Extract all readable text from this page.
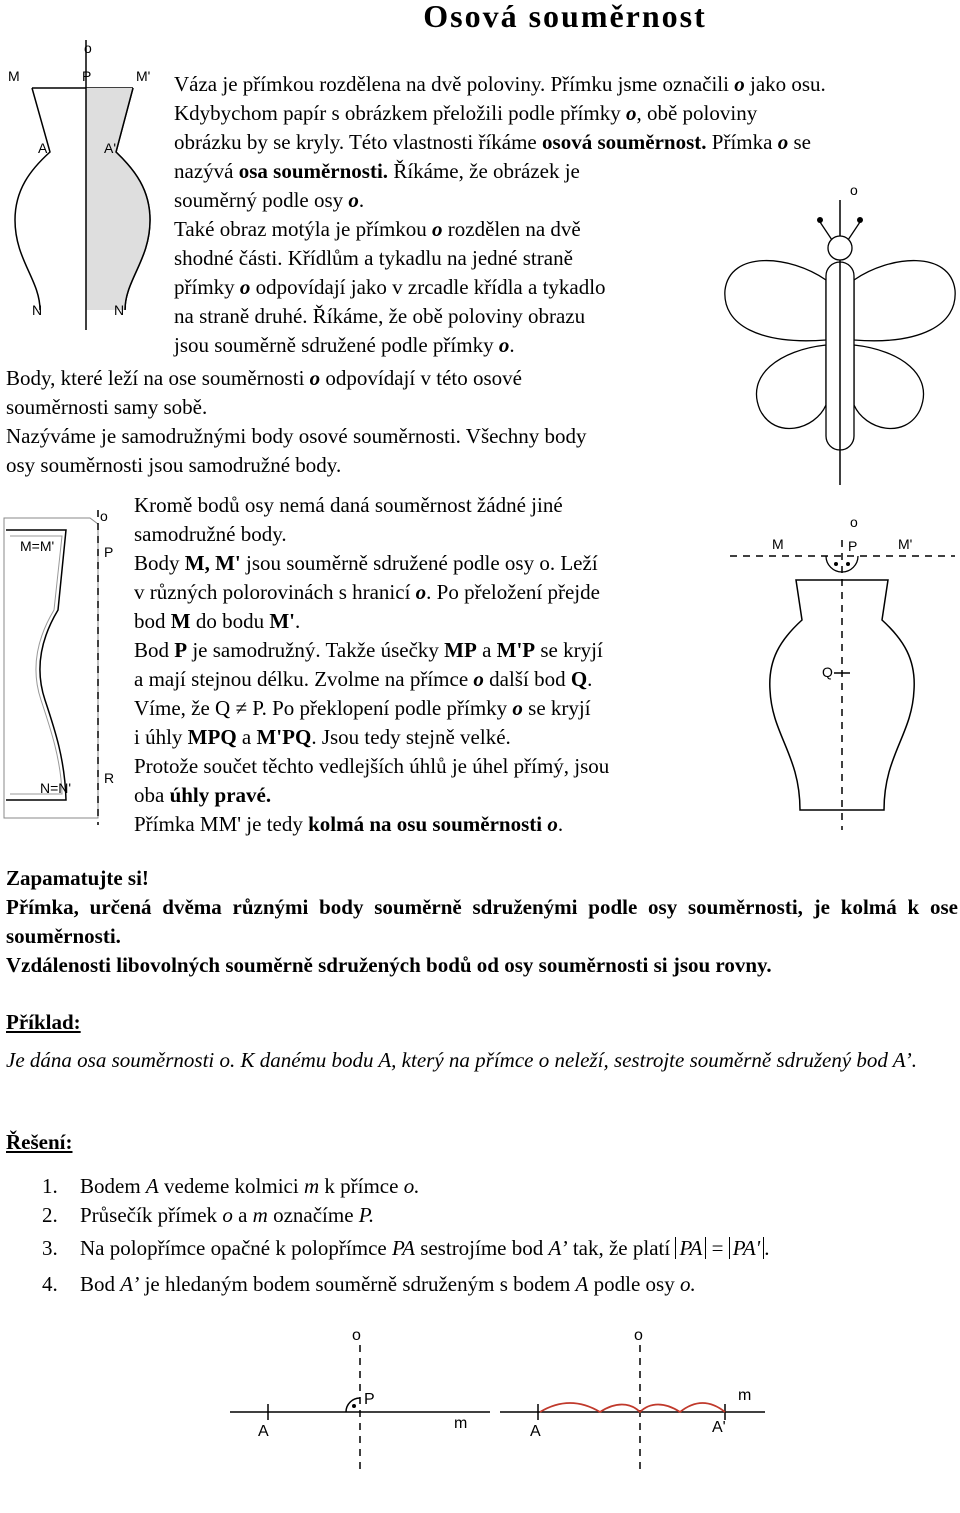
Osová souměrnost
o
M	P	M'
A	A'
N	N'
o
Váza je přímkou rozdělena na dvě poloviny. Přímku jsme označili o jako osu.
Kdybychom papír s obrázkem přeložili podle přímky o, obě poloviny
obrázku by se kryly. Této vlastnosti říkáme osová souměrnost. Přímka o se
nazývá osa souměrnosti. Říkáme, že obrázek je
souměrný podle osy o.
Také obraz motýla je přímkou o rozdělen na dvě
shodné části. Křídlům a tykadlu na jedné straně
přímky o odpovídají jako v zrcadle křídla a tykadlo
na straně druhé. Říkáme, že obě poloviny obrazu
jsou souměrně sdružené podle přímky o.
Body, které leží na ose souměrnosti o odpovídají v této osové
souměrnosti samy sobě.
Nazýváme je samodružnými body osové souměrnosti. Všechny body
osy souměrnosti jsou samodružné body.
o
M=M'	P
R
N=N'
Kromě bodů osy nemá daná souměrnost žádné jiné
samodružné body.
Body M, M' jsou souměrně sdružené podle osy o. Leží
v různých polorovinách s hranicí o. Po přeložení přejde
bod M do bodu M'.
Bod P je samodružný. Takže úsečky MP a M'P se kryjí
a mají stejnou délku. Zvolme na přímce o další bod Q.
Víme, že Q ≠ P. Po překlopení podle přímky o se kryjí
i úhly MPQ a M'PQ. Jsou tedy stejně velké.
Protože součet těchto vedlejších úhlů je úhel přímý, jsou
oba úhly pravé.
Přímka MM' je tedy kolmá na osu souměrnosti o.
o
M	P	M'
Q
Zapamatujte si!
Přímka, určená dvěma různými body souměrně sdruženými podle osy souměrnosti, je kolmá k ose souměrnosti.
Vzdálenosti libovolných souměrně sdružených bodů od osy souměrnosti si jsou rovny.
Příklad:
Je dána osa souměrnosti o. K danému bodu A, který na přímce o neleží, sestrojte souměrně sdružený bod A’.
Řešení:
1. Bodem A vedeme kolmici m k přímce o.
2. Průsečík přímek o a m označíme P.
3. Na polopřímce opačné k polopřímce PA sestrojíme bod A’ tak, že platí PA = PA' .
4. Bod A’ je hledaným bodem souměrně sdruženým s bodem A podle osy o.
o
P
A	m
o
m
A	A'
